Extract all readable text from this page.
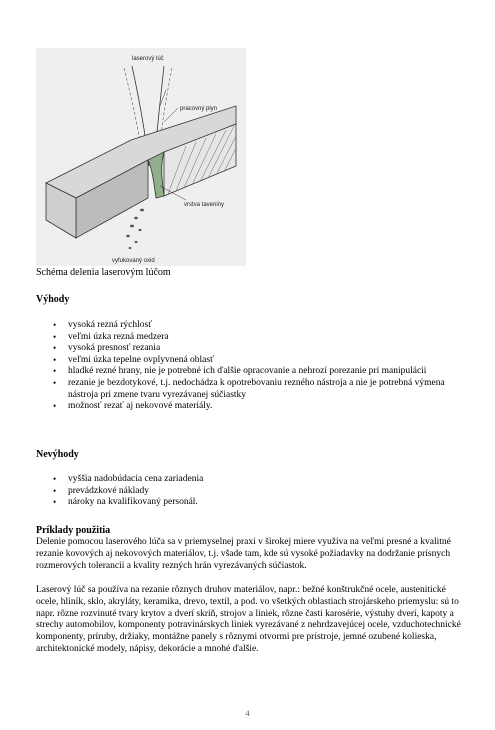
laserový lúč
pracovný plyn
vrstva taveniny
vyfukovaný oxid
Schéma delenia laserovým lúčom
Výhody
• vysoká rezná rýchlosť
• veľmi úzka rezná medzera
• vysoká presnosť rezania
• veľmi úzka tepelne ovplyvnená oblasť
• hladké rezné hrany, nie je potrebné ich ďalšie opracovanie a nehrozí porezanie pri manipulácii
• rezanie je bezdotykové, t.j. nedochádza k opotrebovaniu rezného nástroja a nie je potrebná výmena nástroja pri zmene tvaru vyrezávanej súčiastky
• možnosť rezať aj nekovové materiály.
Nevýhody
• vyššia nadobúdacia cena zariadenia
• prevádzkové náklady
• nároky na kvalifikovaný personál.
Príklady použitia

Delenie pomocou laserového lúča sa v priemyselnej praxi v širokej miere využíva na veľmi presné a kvalitné rezanie kovových aj nekovových materiálov, t.j. všade tam, kde sú vysoké požiadavky na dodržanie prísnych rozmerových tolerancií a kvality rezných hrán vyrezávaných súčiastok.

Laserový lúč sa používa na rezanie rôznych druhov materiálov, napr.: bežné konštrukčné ocele, austenitické ocele, hliník, sklo, akryláty, keramika, drevo, textil, a pod. vo všetkých oblastiach strojárskeho priemyslu: sú to napr. rôzne rozvinuté tvary krytov a dverí skríň, strojov a liniek, rôzne časti karosérie, výstuhy dverí, kapoty a strechy automobilov, komponenty potravinárskych liniek vyrezávané z nehrdzavejúcej ocele, vzduchotechnické komponenty, príruby, držiaky, montážne panely s rôznymi otvormi pre prístroje, jemné ozubené kolieska, architektonické modely, nápisy, dekorácie a mnohé ďalšie.

4
